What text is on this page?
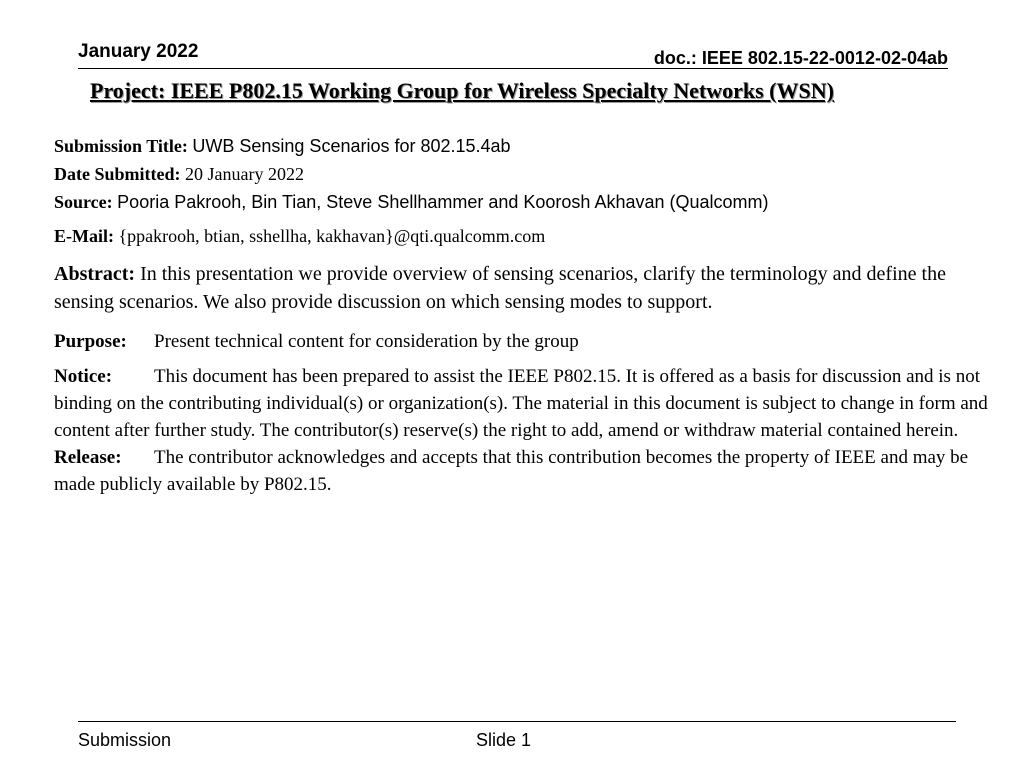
January 2022	doc.: IEEE 802.15-22-0012-02-04ab
Project: IEEE P802.15 Working Group for Wireless Specialty Networks (WSN)
Submission Title: UWB Sensing Scenarios for 802.15.4ab
Date Submitted: 20 January 2022
Source: Pooria Pakrooh, Bin Tian, Steve Shellhammer and Koorosh Akhavan (Qualcomm)
E-Mail: {ppakrooh, btian, sshellha, kakhavan}@qti.qualcomm.com
Abstract: In this presentation we provide overview of sensing scenarios, clarify the terminology and define the sensing scenarios. We also provide discussion on which sensing modes to support.
Purpose: Present technical content for consideration by the group
Notice: This document has been prepared to assist the IEEE P802.15. It is offered as a basis for discussion and is not binding on the contributing individual(s) or organization(s). The material in this document is subject to change in form and content after further study. The contributor(s) reserve(s) the right to add, amend or withdraw material contained herein.
Release: The contributor acknowledges and accepts that this contribution becomes the property of IEEE and may be made publicly available by P802.15.
Submission	Slide 1
